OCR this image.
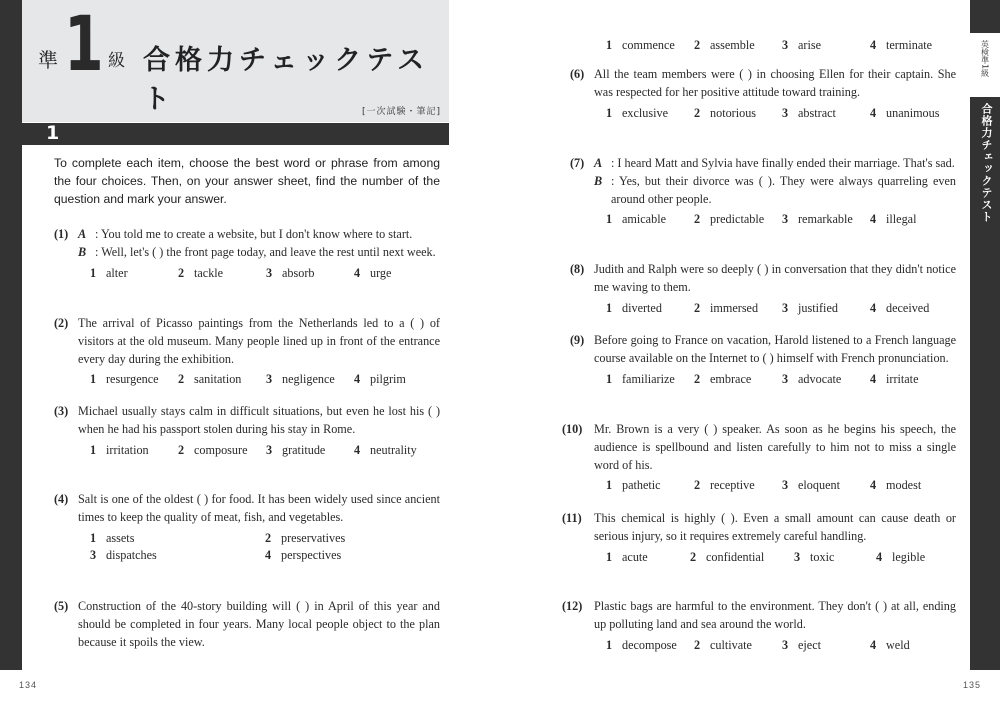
準 1 級 合格力チェックテスト	[一次試験・筆記]
1
To complete each item, choose the best word or phrase from among the four choices. Then, on your answer sheet, find the number of the question and mark your answer.
(1) A : You told me to create a website, but I don't know where to start.
B : Well, let's ( ) the front page today, and leave the rest until next week.
1 alter	2 tackle	3 absorb	4 urge
(2) The arrival of Picasso paintings from the Netherlands led to a ( ) of visitors at the old museum. Many people lined up in front of the entrance every day during the exhibition.
1 resurgence 2 sanitation 3 negligence 4 pilgrim
(3) Michael usually stays calm in difficult situations, but even he lost his ( ) when he had his passport stolen during his stay in Rome.
1 irritation 2 composure 3 gratitude 4 neutrality
(4) Salt is one of the oldest ( ) for food. It has been widely used since ancient times to keep the quality of meat, fish, and vegetables.
1 assets	2 preservatives
3 dispatches	4 perspectives
(5) Construction of the 40-story building will ( ) in April of this year and should be completed in four years. Many local people object to the plan because it spoils the view.
134
1 commence 2 assemble 3 arise	4 terminate
(6) All the team members were ( ) in choosing Ellen for their captain. She was respected for her positive attitude toward training.
1 exclusive 2 notorious 3 abstract	4 unanimous
(7) A : I heard Matt and Sylvia have finally ended their marriage. That's sad.
B : Yes, but their divorce was ( ). They were always quarreling even around other people.
1 amicable 2 predictable 3 remarkable 4 illegal
(8) Judith and Ralph were so deeply ( ) in conversation that they didn't notice me waving to them.
1 diverted	2 immersed 3 justified	4 deceived
(9) Before going to France on vacation, Harold listened to a French language course available on the Internet to ( ) himself with French pronunciation.
1 familiarize 2 embrace	3 advocate 4 irritate
(10) Mr. Brown is a very ( ) speaker. As soon as he begins his speech, the audience is spellbound and listen carefully to him not to miss a single word of his.
1 pathetic	2 receptive 3 eloquent 4 modest
(11) This chemical is highly ( ). Even a small amount can cause death or serious injury, so it requires extremely careful handling.
1 acute	2 confidential 3 toxic	4 legible
(12) Plastic bags are harmful to the environment. They don't ( ) at all, ending up polluting land and sea around the world.
1 decompose 2 cultivate 3 eject	4 weld
英検準1級
合格力チェックテスト
135
